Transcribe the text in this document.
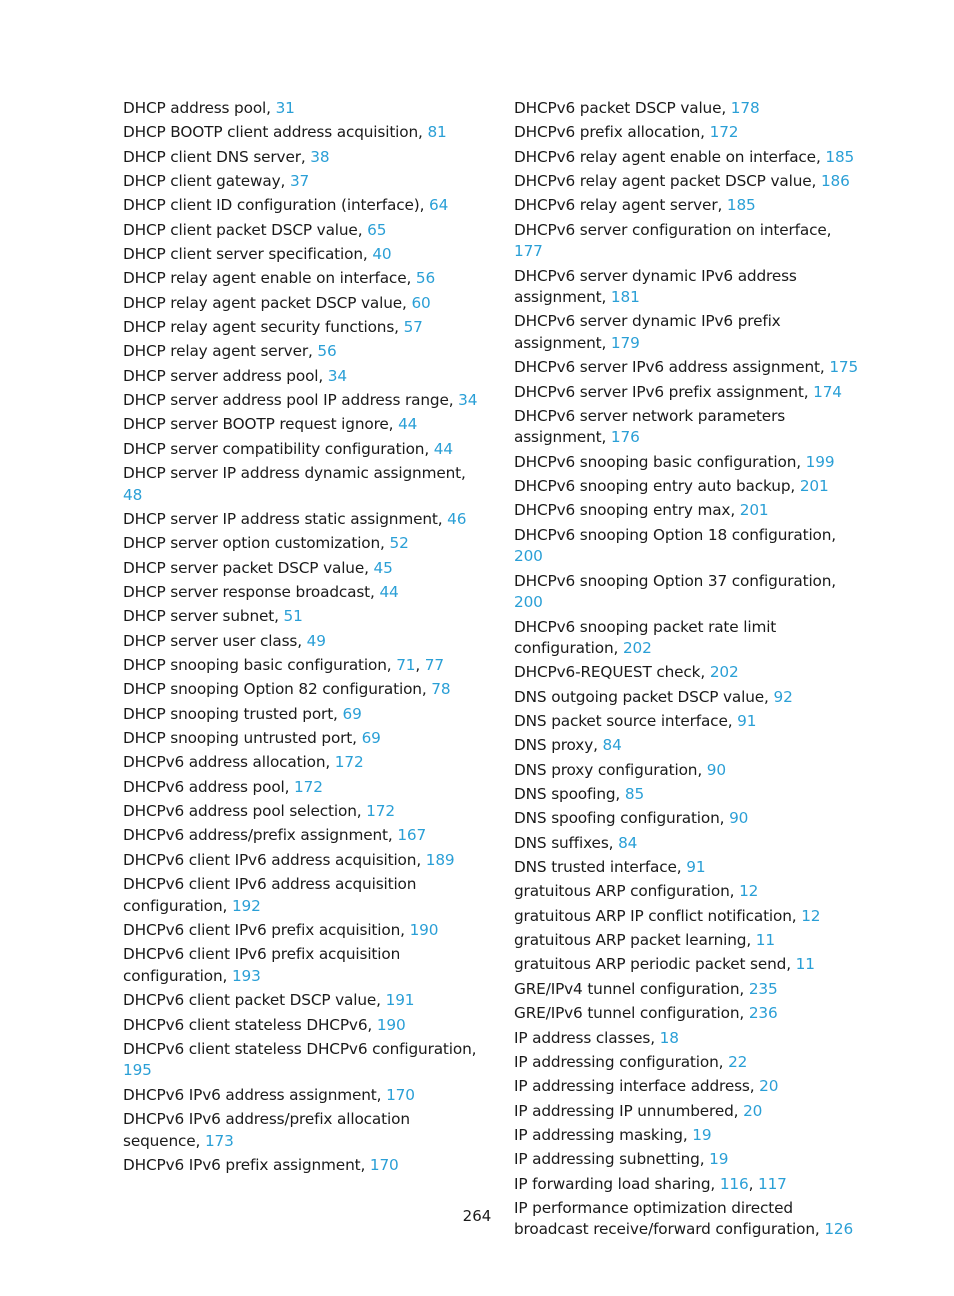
DHCP address pool, 31
DHCP BOOTP client address acquisition, 81
DHCP client DNS server, 38
DHCP client gateway, 37
DHCP client ID configuration (interface), 64
DHCP client packet DSCP value, 65
DHCP client server specification, 40
DHCP relay agent enable on interface, 56
DHCP relay agent packet DSCP value, 60
DHCP relay agent security functions, 57
DHCP relay agent server, 56
DHCP server address pool, 34
DHCP server address pool IP address range, 34
DHCP server BOOTP request ignore, 44
DHCP server compatibility configuration, 44
DHCP server IP address dynamic assignment, 48
DHCP server IP address static assignment, 46
DHCP server option customization, 52
DHCP server packet DSCP value, 45
DHCP server response broadcast, 44
DHCP server subnet, 51
DHCP server user class, 49
DHCP snooping basic configuration, 71, 77
DHCP snooping Option 82 configuration, 78
DHCP snooping trusted port, 69
DHCP snooping untrusted port, 69
DHCPv6 address allocation, 172
DHCPv6 address pool, 172
DHCPv6 address pool selection, 172
DHCPv6 address/prefix assignment, 167
DHCPv6 client IPv6 address acquisition, 189
DHCPv6 client IPv6 address acquisition configuration, 192
DHCPv6 client IPv6 prefix acquisition, 190
DHCPv6 client IPv6 prefix acquisition configuration, 193
DHCPv6 client packet DSCP value, 191
DHCPv6 client stateless DHCPv6, 190
DHCPv6 client stateless DHCPv6 configuration, 195
DHCPv6 IPv6 address assignment, 170
DHCPv6 IPv6 address/prefix allocation sequence, 173
DHCPv6 IPv6 prefix assignment, 170
DHCPv6 packet DSCP value, 178
DHCPv6 prefix allocation, 172
DHCPv6 relay agent enable on interface, 185
DHCPv6 relay agent packet DSCP value, 186
DHCPv6 relay agent server, 185
DHCPv6 server configuration on interface, 177
DHCPv6 server dynamic IPv6 address assignment, 181
DHCPv6 server dynamic IPv6 prefix assignment, 179
DHCPv6 server IPv6 address assignment, 175
DHCPv6 server IPv6 prefix assignment, 174
DHCPv6 server network parameters assignment, 176
DHCPv6 snooping basic configuration, 199
DHCPv6 snooping entry auto backup, 201
DHCPv6 snooping entry max, 201
DHCPv6 snooping Option 18 configuration, 200
DHCPv6 snooping Option 37 configuration, 200
DHCPv6 snooping packet rate limit configuration, 202
DHCPv6-REQUEST check, 202
DNS outgoing packet DSCP value, 92
DNS packet source interface, 91
DNS proxy, 84
DNS proxy configuration, 90
DNS spoofing, 85
DNS spoofing configuration, 90
DNS suffixes, 84
DNS trusted interface, 91
gratuitous ARP configuration, 12
gratuitous ARP IP conflict notification, 12
gratuitous ARP packet learning, 11
gratuitous ARP periodic packet send, 11
GRE/IPv4 tunnel configuration, 235
GRE/IPv6 tunnel configuration, 236
IP address classes, 18
IP addressing configuration, 22
IP addressing interface address, 20
IP addressing IP unnumbered, 20
IP addressing masking, 19
IP addressing subnetting, 19
IP forwarding load sharing, 116, 117
IP performance optimization directed broadcast receive/forward configuration, 126
264
